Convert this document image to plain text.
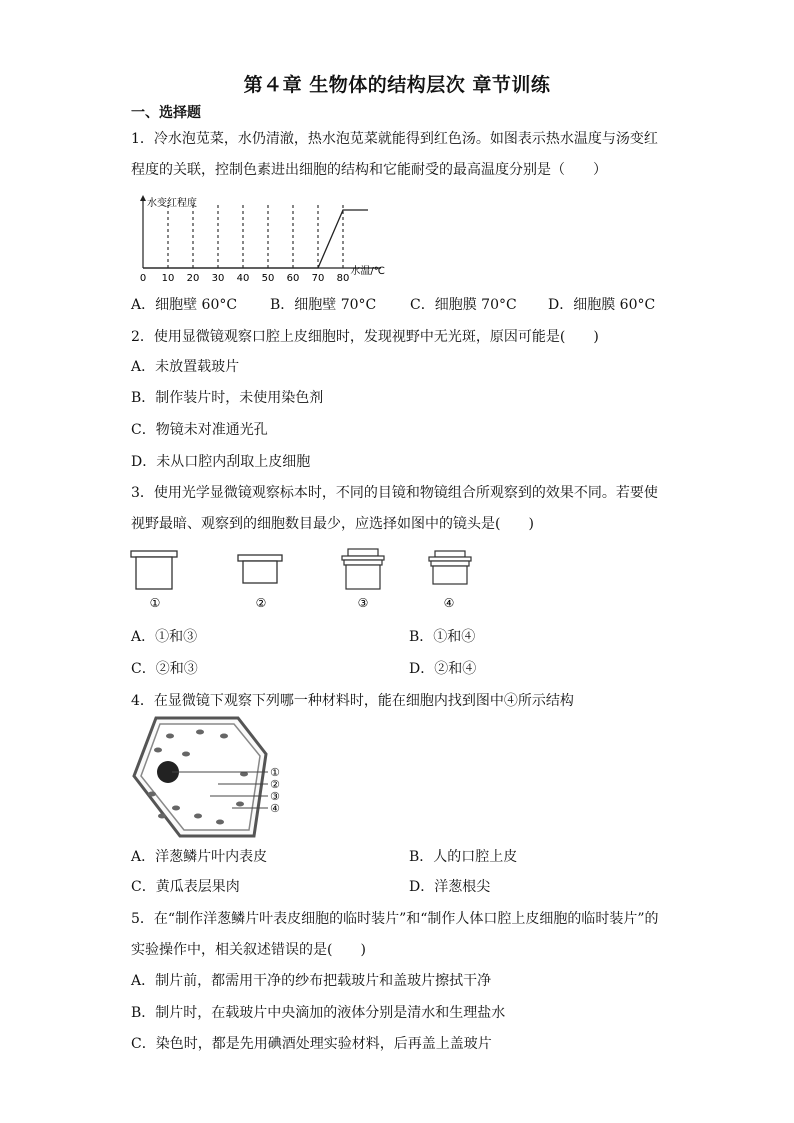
第４章 生物体的结构层次 章节训练
一、选择题
1．冷水泡苋菜，水仍清澈，热水泡苋菜就能得到红色汤。如图表示热水温度与汤变红
程度的关联，控制色素进出细胞的结构和它能耐受的最高温度分别是（　　）
0 10 20 30 40 50 60 70 80
水变红程度
水温/℃
A．细胞壁 60°C B．细胞壁 70°C C．细胞膜 70°C D．细胞膜 60°C
2．使用显微镜观察口腔上皮细胞时，发现视野中无光斑，原因可能是(　　)
A．未放置载玻片
B．制作装片时，未使用染色剂
C．物镜未对准通光孔
D．未从口腔内刮取上皮细胞
3．使用光学显微镜观察标本时，不同的目镜和物镜组合所观察到的效果不同。若要使
视野最暗、观察到的细胞数目最少，应选择如图中的镜头是(　　)
①	②	③	④
A．①和③	B．①和④
C．②和③	D．②和④
4．在显微镜下观察下列哪一种材料时，能在细胞内找到图中④所示结构
①
②
③
④
A．洋葱鳞片叶内表皮	B．人的口腔上皮
C．黄瓜表层果肉	D．洋葱根尖
5．在“制作洋葱鳞片叶表皮细胞的临时装片”和“制作人体口腔上皮细胞的临时装片”的
实验操作中，相关叙述错误的是(　　)
A．制片前，都需用干净的纱布把载玻片和盖玻片擦拭干净
B．制片时，在载玻片中央滴加的液体分别是清水和生理盐水
C．染色时，都是先用碘酒处理实验材料，后再盖上盖玻片
